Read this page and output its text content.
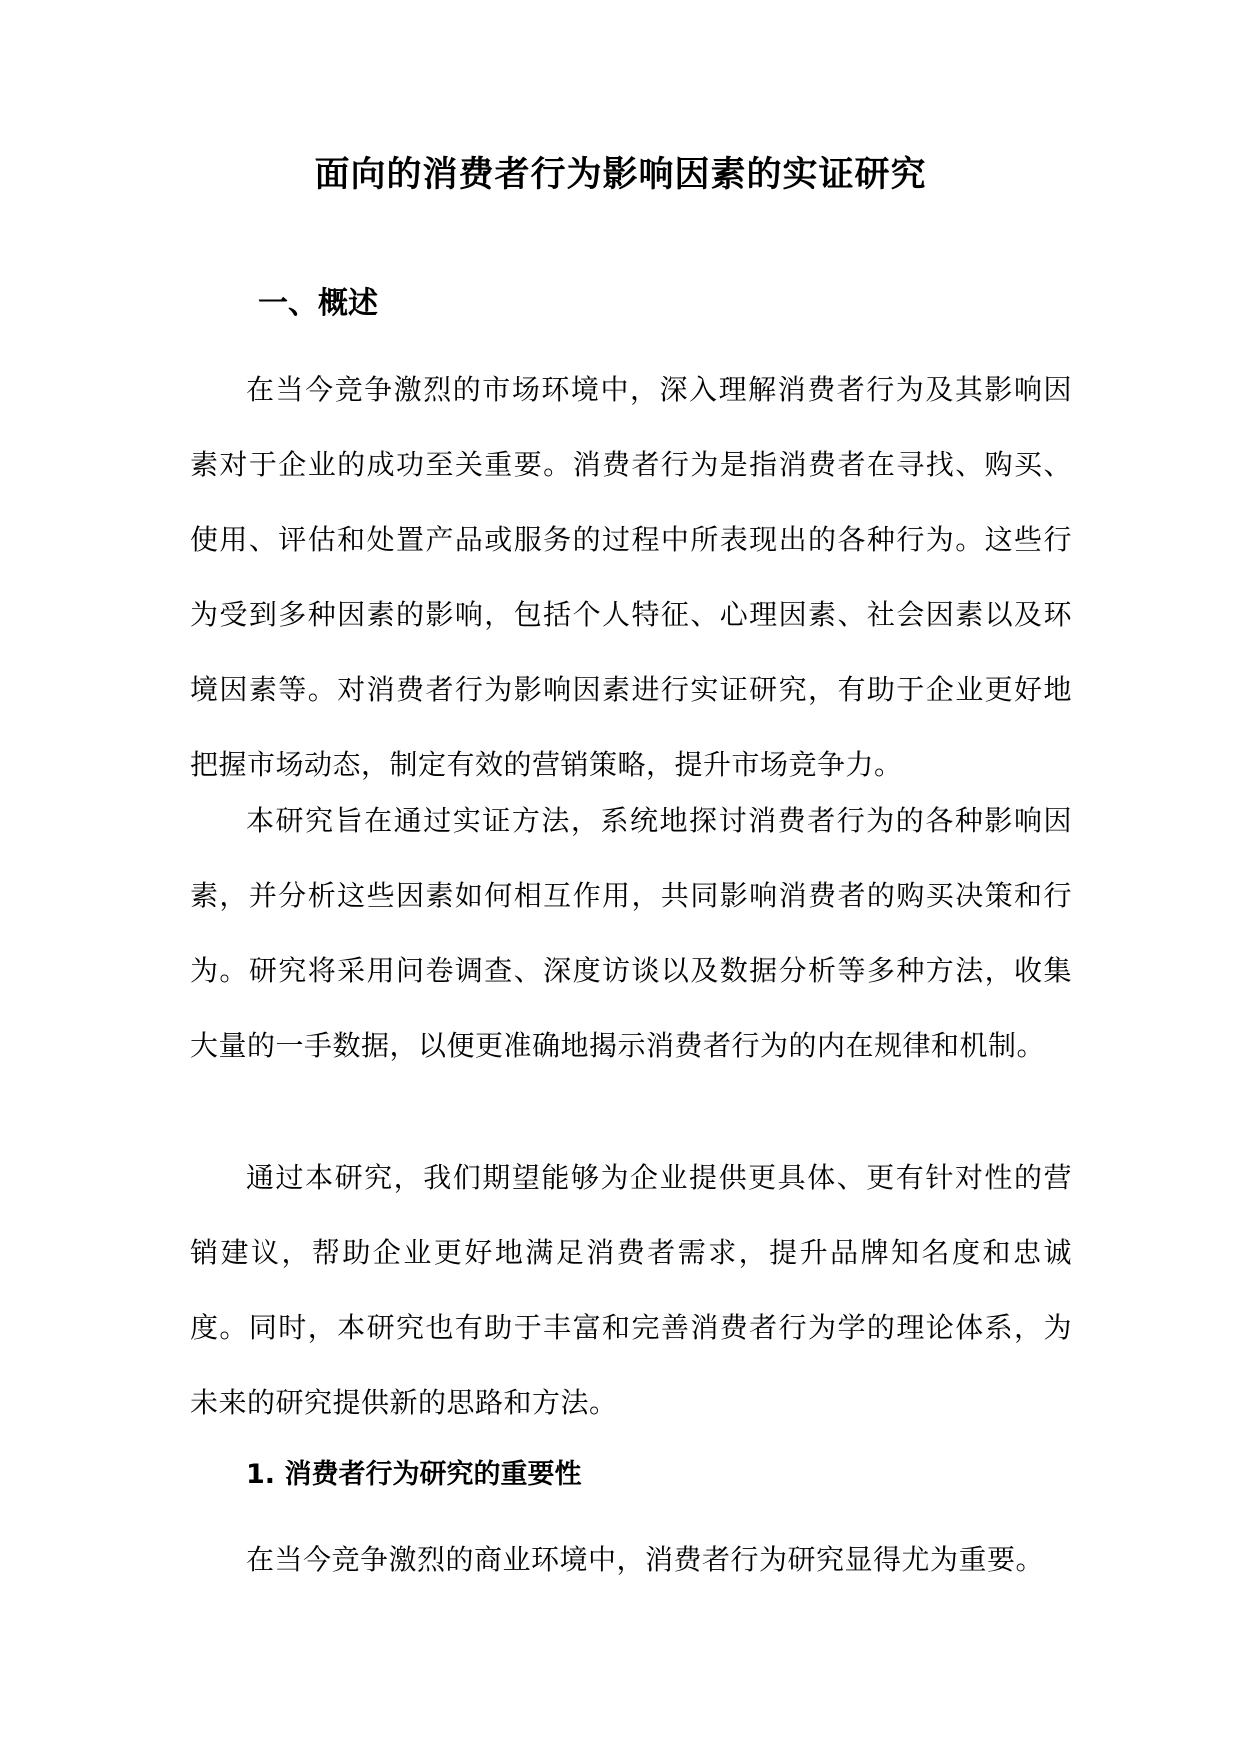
面向的消费者行为影响因素的实证研究
一、概述

在当今竞争激烈的市场环境中，深入理解消费者行为及其影响因素对于企业的成功至关重要。消费者行为是指消费者在寻找、购买、使用、评估和处置产品或服务的过程中所表现出的各种行为。这些行为受到多种因素的影响，包括个人特征、心理因素、社会因素以及环境因素等。对消费者行为影响因素进行实证研究，有助于企业更好地把握市场动态，制定有效的营销策略，提升市场竞争力。

本研究旨在通过实证方法，系统地探讨消费者行为的各种影响因素，并分析这些因素如何相互作用，共同影响消费者的购买决策和行为。研究将采用问卷调查、深度访谈以及数据分析等多种方法，收集大量的一手数据，以便更准确地揭示消费者行为的内在规律和机制。

通过本研究，我们期望能够为企业提供更具体、更有针对性的营销建议，帮助企业更好地满足消费者需求，提升品牌知名度和忠诚度。同时，本研究也有助于丰富和完善消费者行为学的理论体系，为未来的研究提供新的思路和方法。

1. 消费者行为研究的重要性

在当今竞争激烈的商业环境中，消费者行为研究显得尤为重要。
